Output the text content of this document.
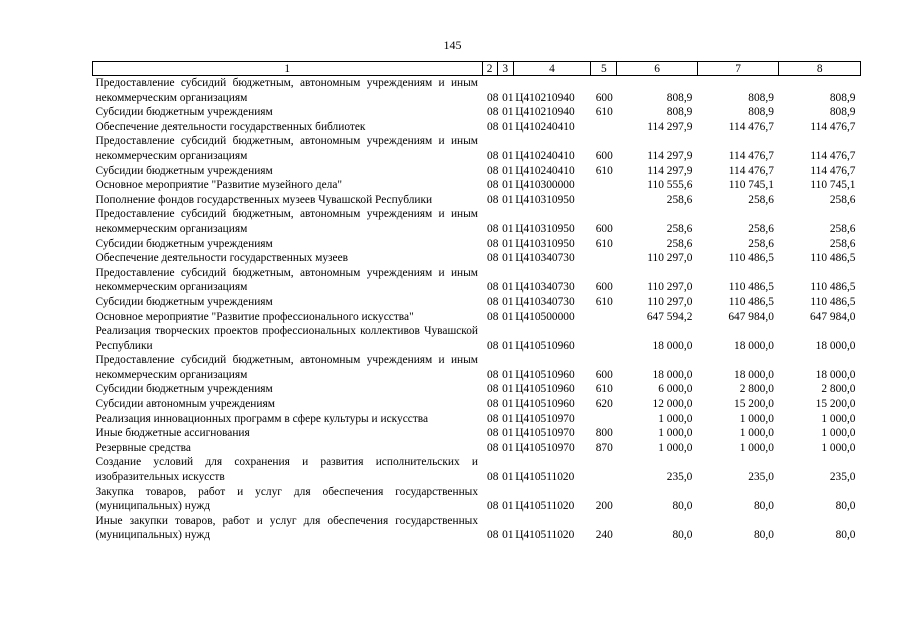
145
1	2	3	4	5	6	7	8
Предоставление субсидий бюджетным, автономным учреждениям и иным некоммерческим организациям	08	01	Ц410210940	600	808,9	808,9	808,9
Субсидии бюджетным учреждениям	08	01	Ц410210940	610	808,9	808,9	808,9
Обеспечение деятельности государственных библиотек	08	01	Ц410240410		114 297,9	114 476,7	114 476,7
Предоставление субсидий бюджетным, автономным учреждениям и иным некоммерческим организациям	08	01	Ц410240410	600	114 297,9	114 476,7	114 476,7
Субсидии бюджетным учреждениям	08	01	Ц410240410	610	114 297,9	114 476,7	114 476,7
Основное мероприятие "Развитие музейного дела"	08	01	Ц410300000		110 555,6	110 745,1	110 745,1
Пополнение фондов государственных музеев Чувашской Республики	08	01	Ц410310950		258,6	258,6	258,6
Предоставление субсидий бюджетным, автономным учреждениям и иным некоммерческим организациям	08	01	Ц410310950	600	258,6	258,6	258,6
Субсидии бюджетным учреждениям	08	01	Ц410310950	610	258,6	258,6	258,6
Обеспечение деятельности государственных музеев	08	01	Ц410340730		110 297,0	110 486,5	110 486,5
Предоставление субсидий бюджетным, автономным учреждениям и иным некоммерческим организациям	08	01	Ц410340730	600	110 297,0	110 486,5	110 486,5
Субсидии бюджетным учреждениям	08	01	Ц410340730	610	110 297,0	110 486,5	110 486,5
Основное мероприятие "Развитие профессионального искусства"	08	01	Ц410500000		647 594,2	647 984,0	647 984,0
Реализация творческих проектов профессиональных коллективов Чувашской Республики	08	01	Ц410510960		18 000,0	18 000,0	18 000,0
Предоставление субсидий бюджетным, автономным учреждениям и иным некоммерческим организациям	08	01	Ц410510960	600	18 000,0	18 000,0	18 000,0
Субсидии бюджетным учреждениям	08	01	Ц410510960	610	6 000,0	2 800,0	2 800,0
Субсидии автономным учреждениям	08	01	Ц410510960	620	12 000,0	15 200,0	15 200,0
Реализация инновационных программ в сфере культуры и искусства	08	01	Ц410510970		1 000,0	1 000,0	1 000,0
Иные бюджетные ассигнования	08	01	Ц410510970	800	1 000,0	1 000,0	1 000,0
Резервные средства	08	01	Ц410510970	870	1 000,0	1 000,0	1 000,0
Создание условий для сохранения и развития исполнительских и изобразительных искусств	08	01	Ц410511020		235,0	235,0	235,0
Закупка товаров, работ и услуг для обеспечения государственных (муниципальных) нужд	08	01	Ц410511020	200	80,0	80,0	80,0
Иные закупки товаров, работ и услуг для обеспечения государственных (муниципальных) нужд	08	01	Ц410511020	240	80,0	80,0	80,0
